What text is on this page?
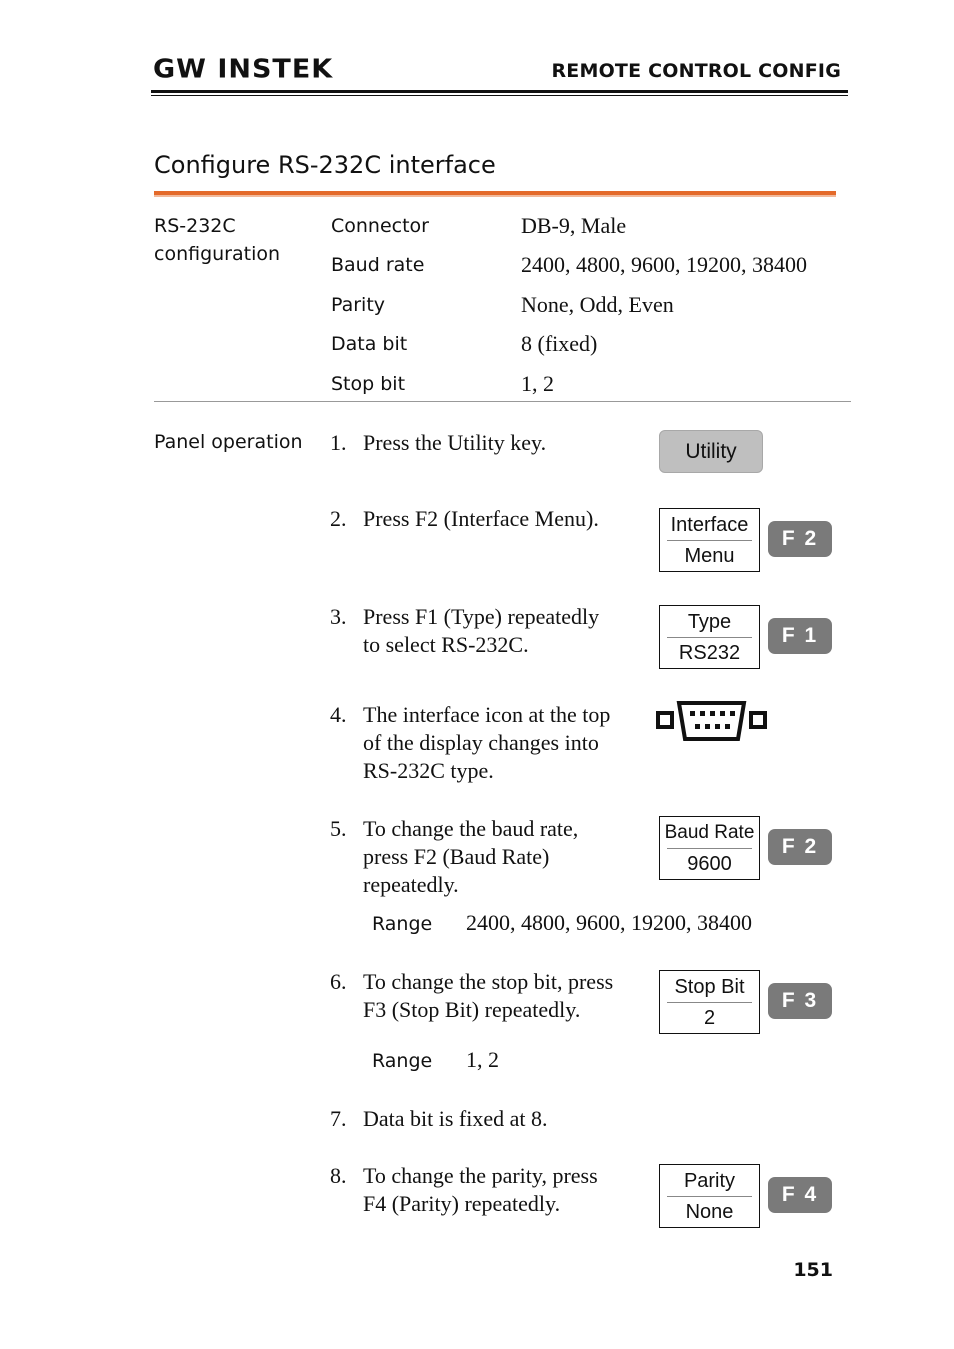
GW INSTEK	REMOTE CONTROL CONFIG
Configure RS-232C interface
RS-232C configuration
Connector	DB-9, Male
Baud rate	2400, 4800, 9600, 19200, 38400
Parity	None, Odd, Even
Data bit	8 (fixed)
Stop bit	1, 2
Panel operation 1. Press the Utility key.	Utility
2. Press F2 (Interface Menu).	Interface
Menu
F 2
3. Press F1 (Type) repeatedly
to select RS-232C.
Type
RS232
F 1
4. The interface icon at the top
of the display changes into
RS-232C type.
5. To change the baud rate,
press F2 (Baud Rate)
repeatedly.
Baud Rate
9600
F 2
Range 2400, 4800, 9600, 19200, 38400
6. To change the stop bit, press
F3 (Stop Bit) repeatedly.
Stop Bit
2
F 3
Range 1, 2
7. Data bit is fixed at 8.
8. To change the parity, press
F4 (Parity) repeatedly.
Parity
None
F 4
151
